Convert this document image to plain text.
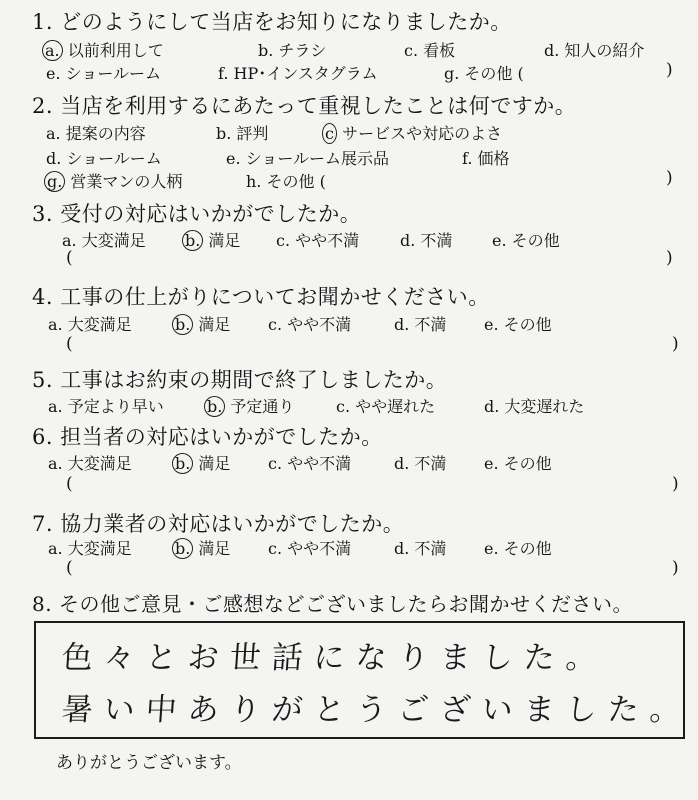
1. どのようにして当店をお知りになりましたか。
a. 以前利用して	b. チラシ	c. 看板	d. 知人の紹介
e. ショールーム	f. HP･インスタグラム	g. その他 (	)
2. 当店を利用するにあたって重視したことは何ですか。
a. 提案の内容	b. 評判	c サービスや対応のよさ
d. ショールーム	e. ショールーム展示品	f. 価格
g. 営業マンの人柄	h. その他 (	)
3. 受付の対応はいかがでしたか。
a. 大変満足 b. 満足 c. やや不満	d. 不満 e. その他
(	)
4. 工事の仕上がりについてお聞かせください。
a. 大変満足	b. 満足 c. やや不満	d. 不満 e. その他
(	)
5. 工事はお約束の期間で終了しましたか。
a. 予定より早い	b. 予定通り	c. やや遅れた	d. 大変遅れた
6. 担当者の対応はいかがでしたか。
a. 大変満足	b. 満足 c. やや不満	d. 不満 e. その他
(	)
7. 協力業者の対応はいかがでしたか。
a. 大変満足	b. 満足 c. やや不満	d. 不満 e. その他
(	)
8. その他ご意見・ご感想などございましたらお聞かせください。
色々とお世話になりました。
暑い中ありがとうございました。
ありがとうございます。
